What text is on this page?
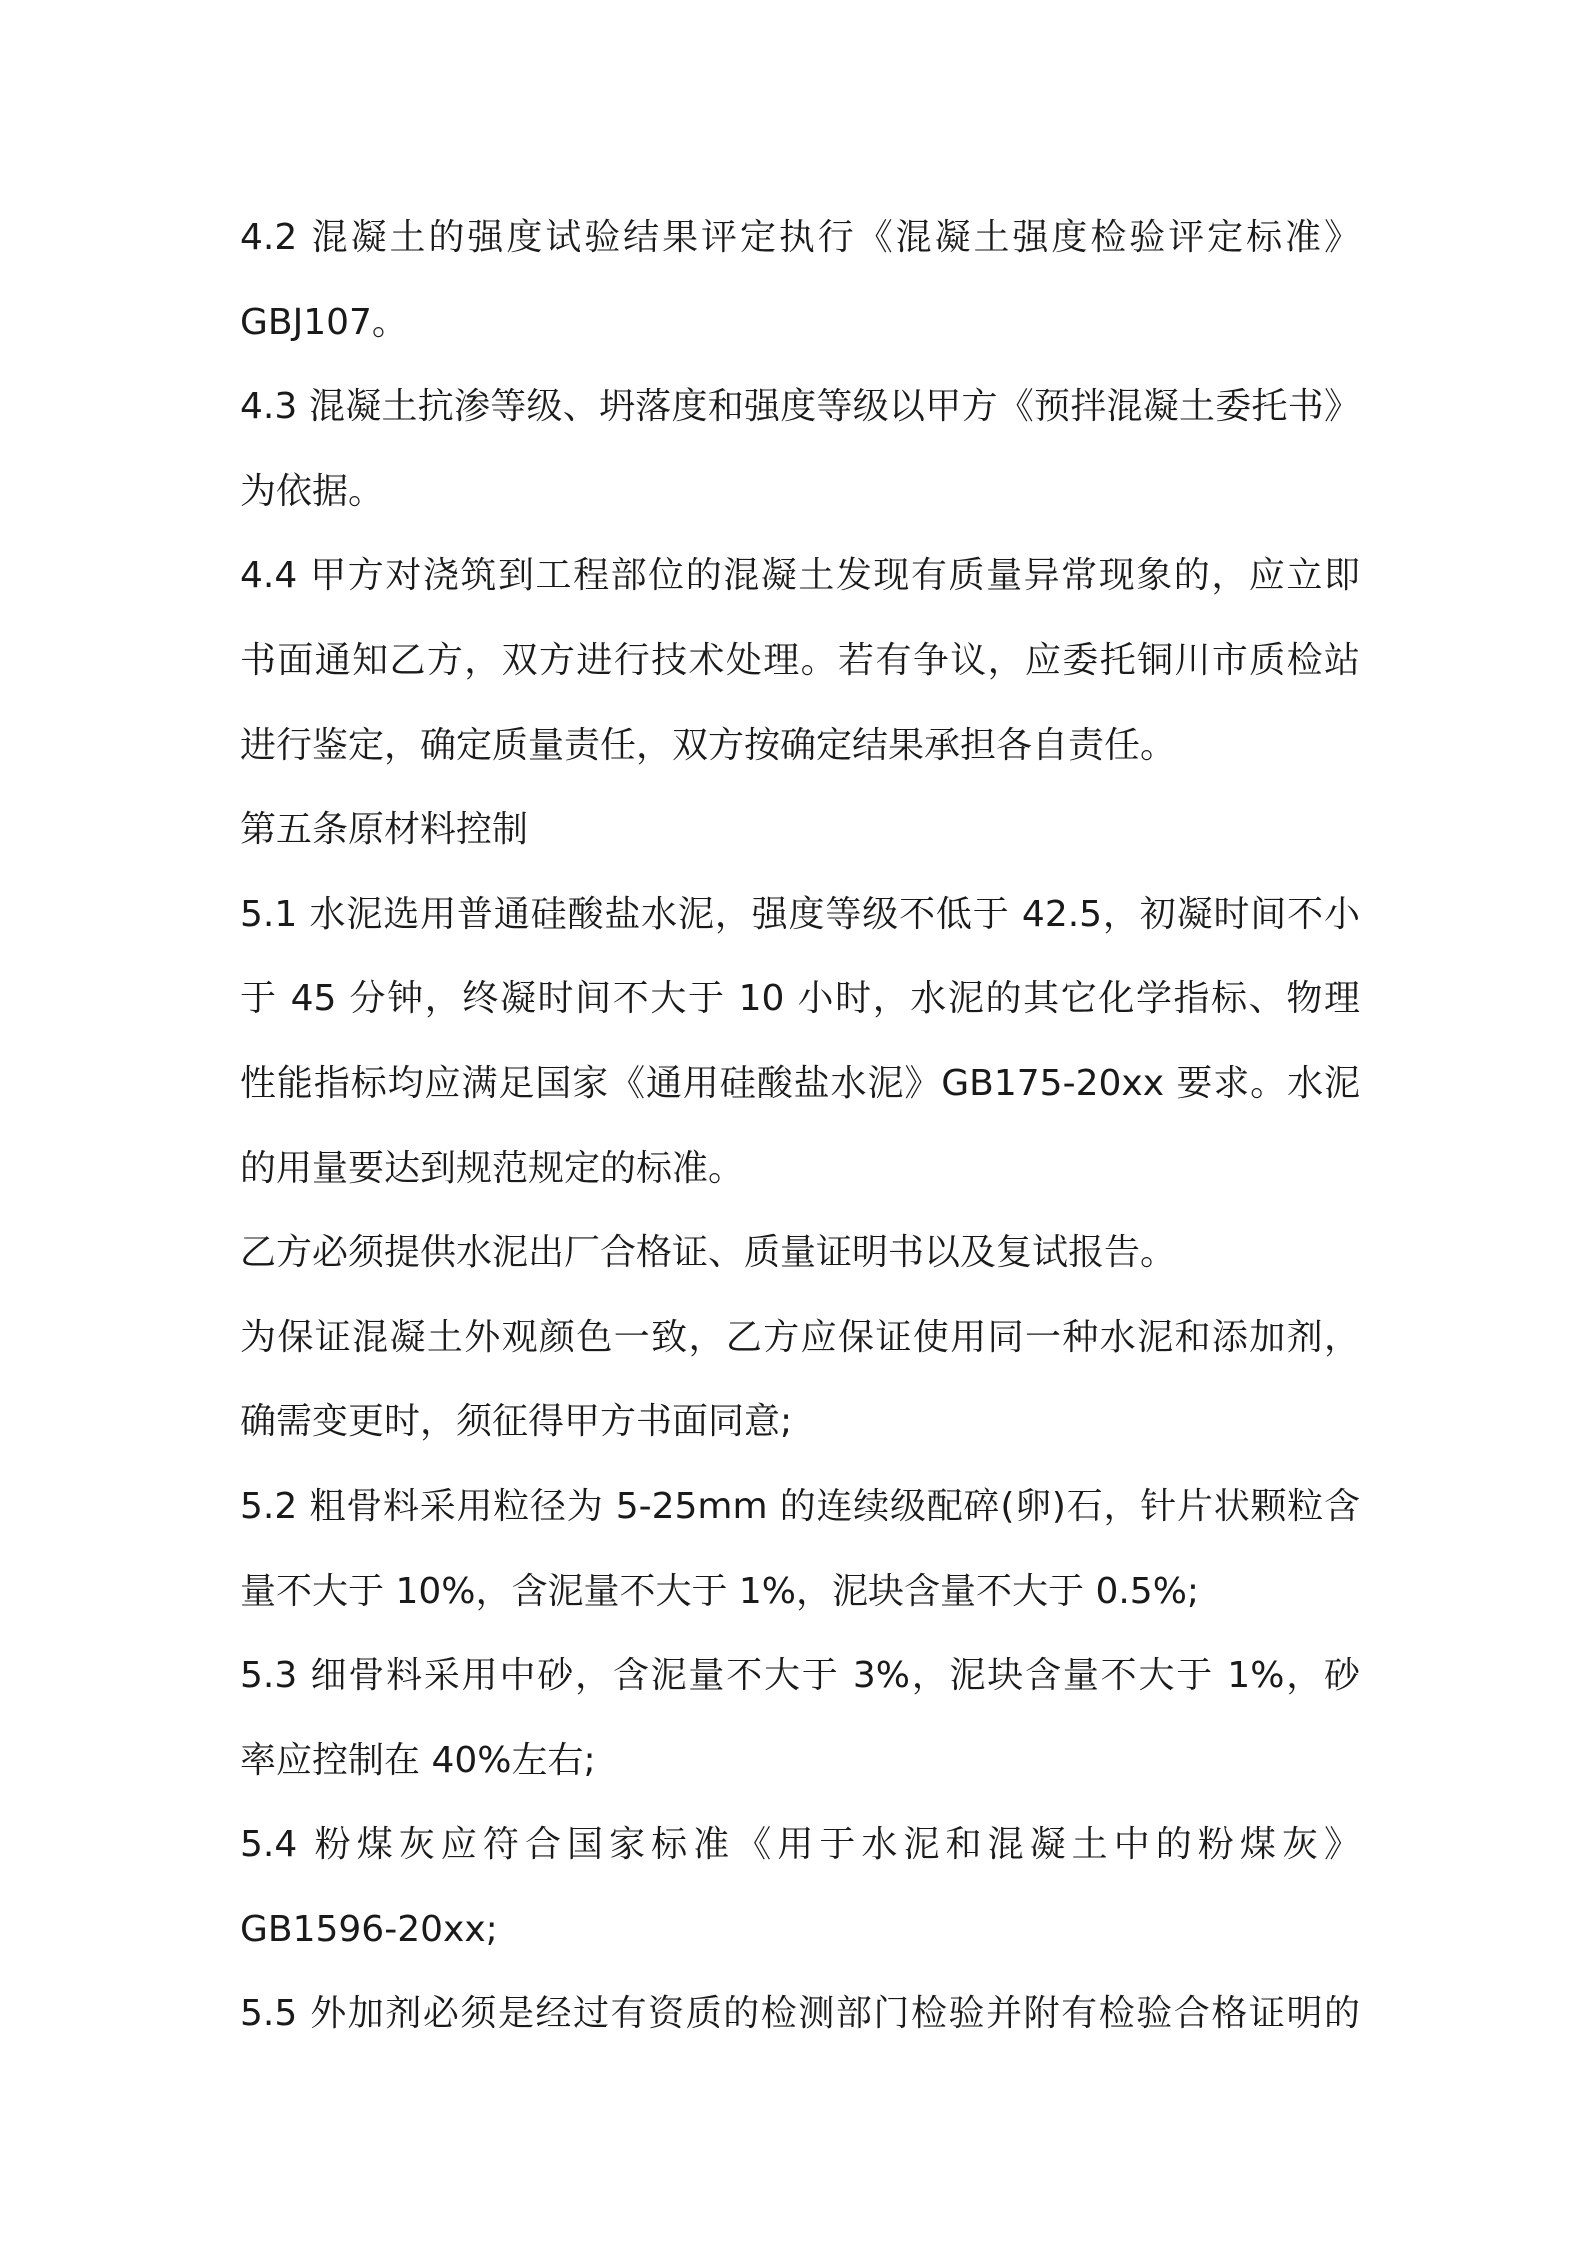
4.2 混凝土的强度试验结果评定执行《混凝土强度检验评定标准》
GBJ107。

4.3 混凝土抗渗等级、坍落度和强度等级以甲方《预拌混凝土委托书》
为依据。

4.4 甲方对浇筑到工程部位的混凝土发现有质量异常现象的，应立即
书面通知乙方，双方进行技术处理。若有争议，应委托铜川市质检站
进行鉴定，确定质量责任，双方按确定结果承担各自责任。

第五条原材料控制

5.1 水泥选用普通硅酸盐水泥，强度等级不低于 42.5，初凝时间不小
于 45 分钟，终凝时间不大于 10 小时，水泥的其它化学指标、物理
性能指标均应满足国家《通用硅酸盐水泥》GB175-20xx 要求。水泥
的用量要达到规范规定的标准。

乙方必须提供水泥出厂合格证、质量证明书以及复试报告。

为保证混凝土外观颜色一致，乙方应保证使用同一种水泥和添加剂，
确需变更时，须征得甲方书面同意;

5.2 粗骨料采用粒径为 5-25mm 的连续级配碎(卵)石，针片状颗粒含
量不大于 10%，含泥量不大于 1%，泥块含量不大于 0.5%;

5.3 细骨料采用中砂，含泥量不大于 3%，泥块含量不大于 1%，砂
率应控制在 40%左右;

5.4 粉煤灰应符合国家标准《用于水泥和混凝土中的粉煤灰》
GB1596-20xx;

5.5 外加剂必须是经过有资质的检测部门检验并附有检验合格证明的
